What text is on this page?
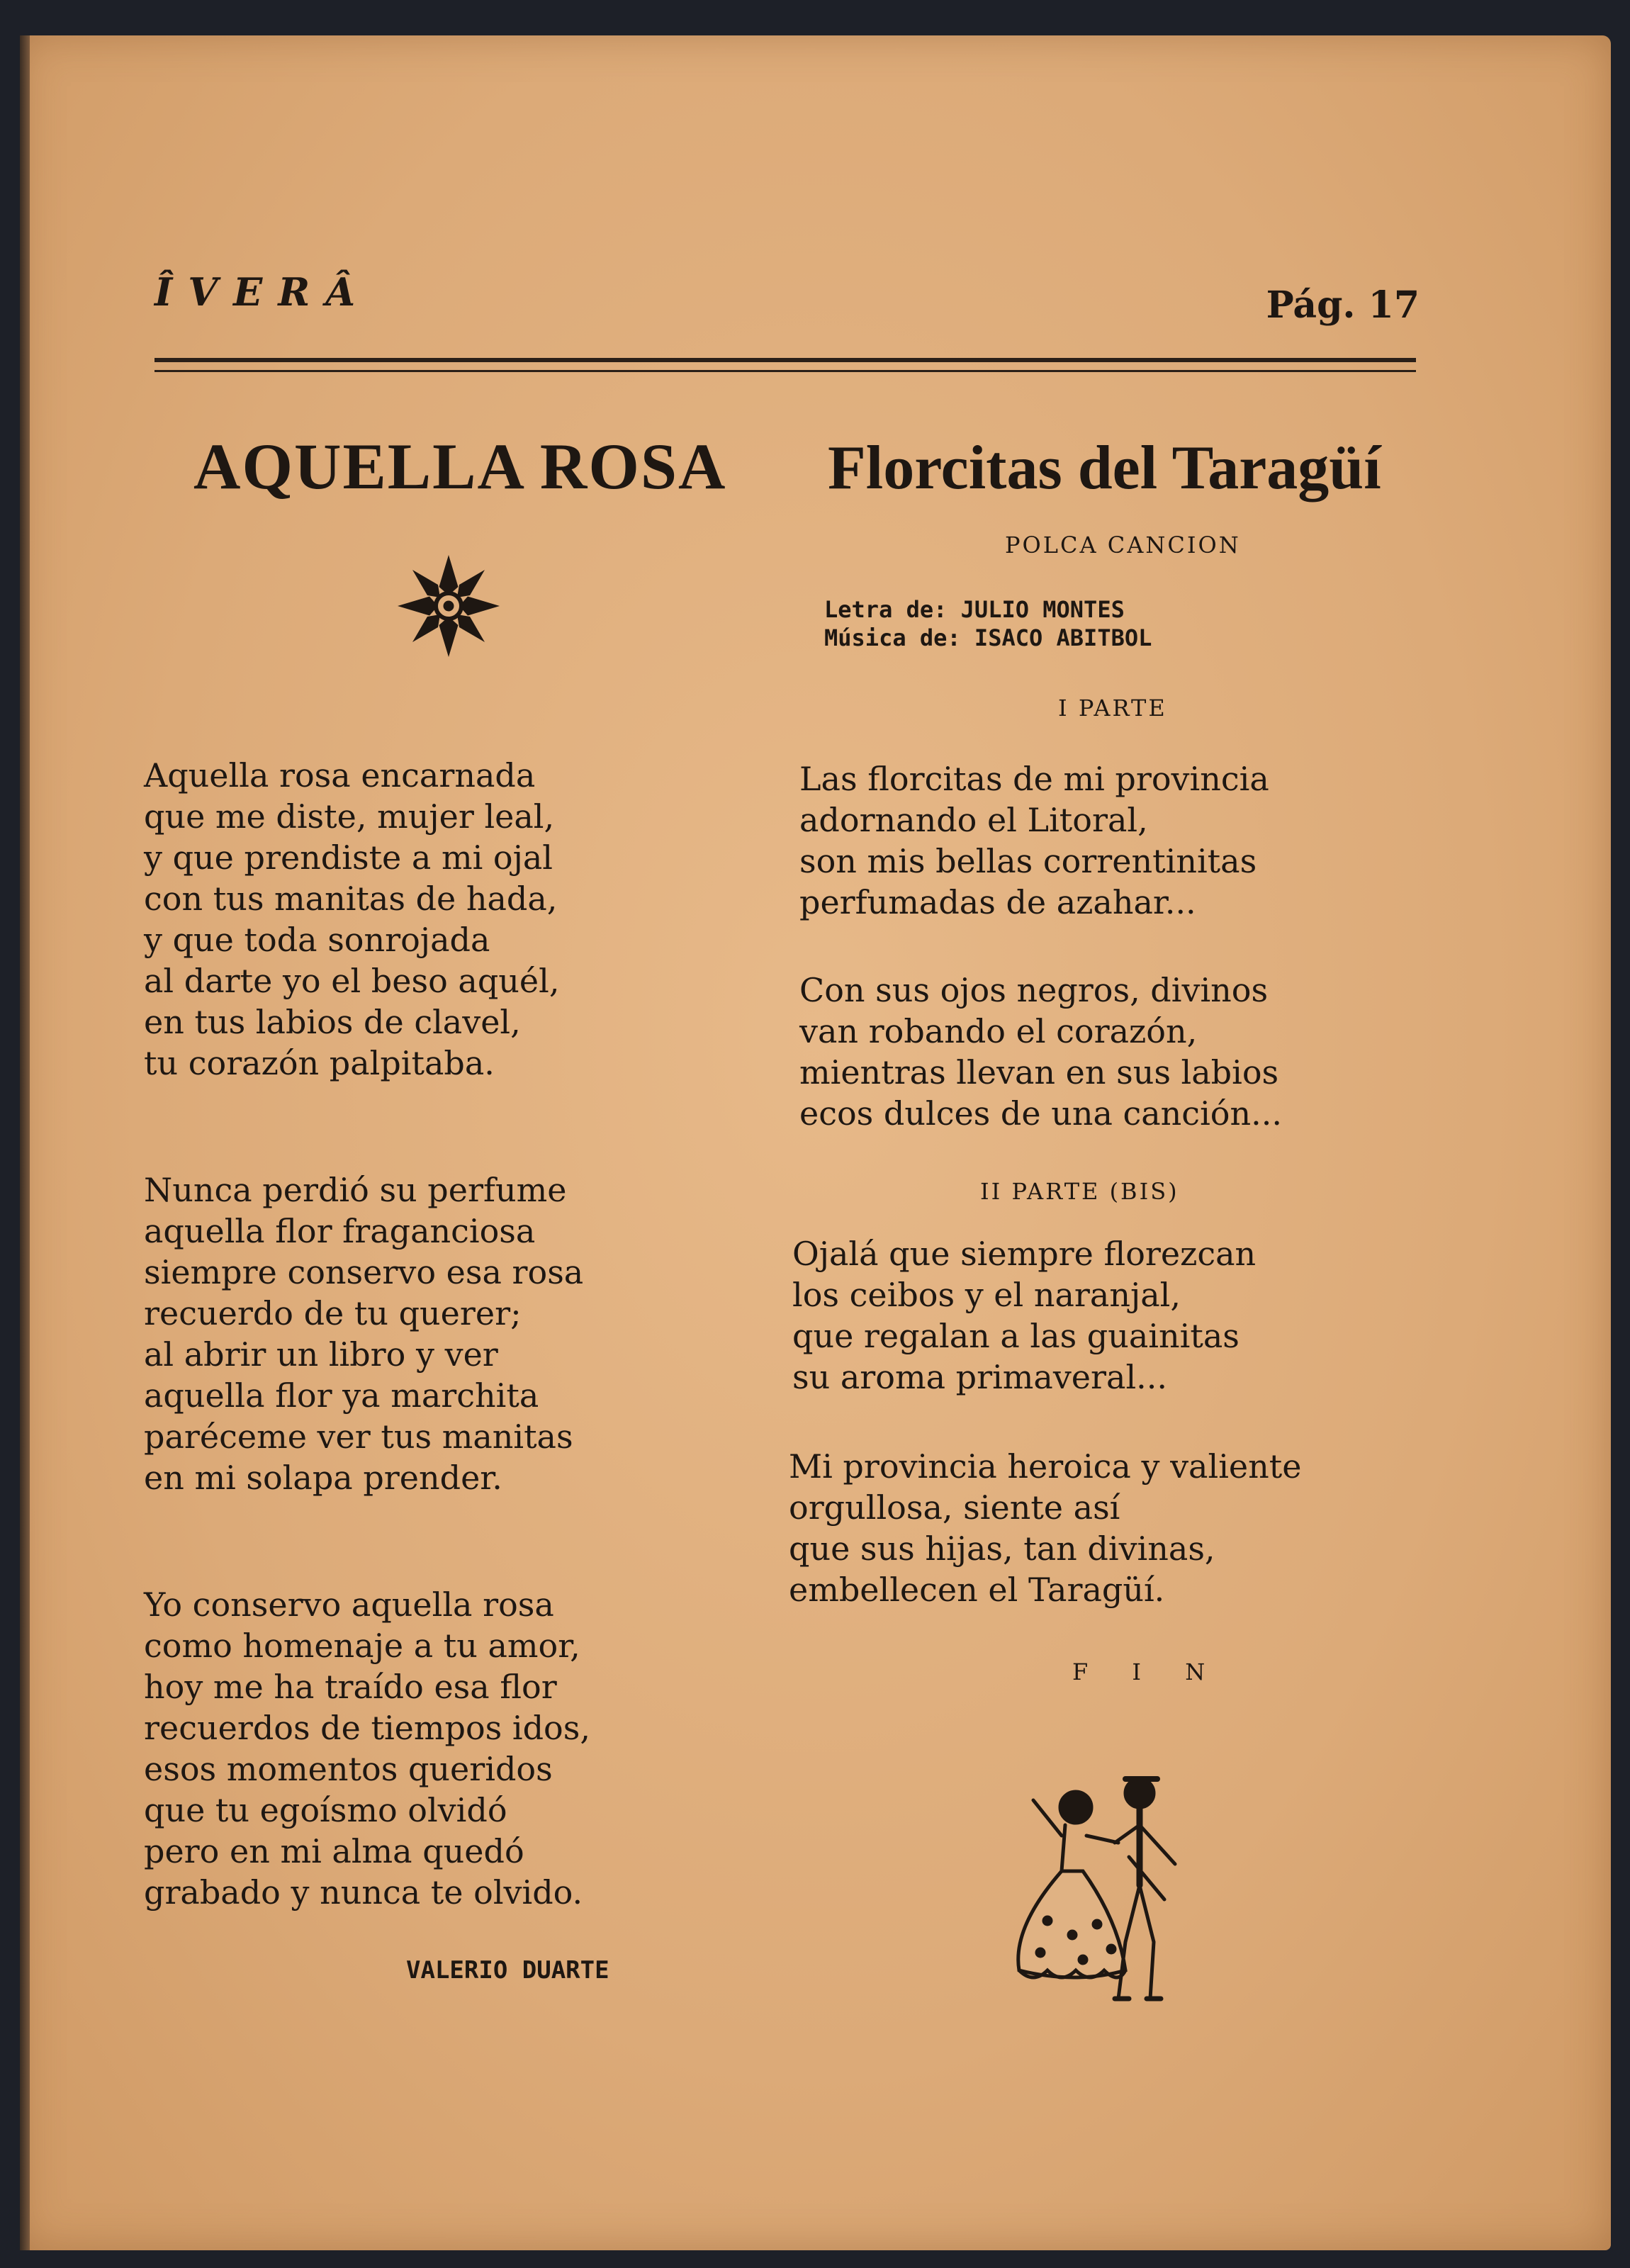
ÎVERÂ	Pág. 17
AQUELLA ROSA Florcitas del Taragüí
POLCA CANCION
Letra de: JULIO MONTES
Música de: ISACO ABITBOL
I PARTE
Aquella rosa encarnada
que me diste, mujer leal,
y que prendiste a mi ojal
con tus manitas de hada,
y que toda sonrojada
al darte yo el beso aquél,
en tus labios de clavel,
tu corazón palpitaba.
Nunca perdió su perfume
aquella flor fraganciosa
siempre conservo esa rosa
recuerdo de tu querer;
al abrir un libro y ver
aquella flor ya marchita
paréceme ver tus manitas
en mi solapa prender.
Yo conservo aquella rosa
como homenaje a tu amor,
hoy me ha traído esa flor
recuerdos de tiempos idos,
esos momentos queridos
que tu egoísmo olvidó
pero en mi alma quedó
grabado y nunca te olvido.
VALERIO DUARTE
Las florcitas de mi provincia
adornando el Litoral,
son mis bellas correntinitas
perfumadas de azahar...
Con sus ojos negros, divinos
van robando el corazón,
mientras llevan en sus labios
ecos dulces de una canción...
II PARTE (BIS)
Ojalá que siempre florezcan
los ceibos y el naranjal,
que regalan a las guainitas
su aroma primaveral...
Mi provincia heroica y valiente
orgullosa, siente así
que sus hijas, tan divinas,
embellecen el Taragüí.
F I N
